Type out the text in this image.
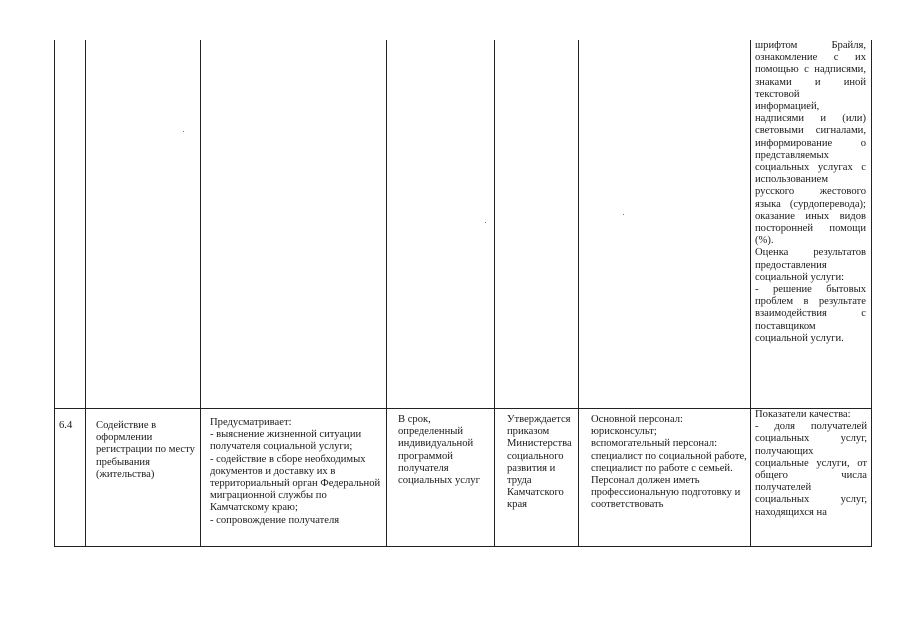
шрифтом Брайля, ознакомление с их помощью с надписями, знаками и иной текстовой информацией, надписями и (или) световыми сигналами, информирование о представляемых социальных услугах с использованием русского жестового языка (сурдоперевода); оказание иных видов посторонней помощи (%).
Оценка результатов предоставления социальной услуги:
- решение бытовых проблем в результате взаимодействия с поставщиком социальной услуги.
6.4	Содействие в оформлении регистрации по месту пребывания (жительства)
Предусматривает:
- выяснение жизненной ситуации получателя социальной услуги;
- содействие в сборе необходимых документов и доставку их в территориальный орган Федеральной миграционной службы по Камчатскому краю;
- сопровождение получателя
В срок, определенный индивидуальной программой получателя социальных услуг
Утверждается приказом Министерства социального развития и труда Камчатского края
Основной персонал: юрисконсульт;
вспомогательный персонал: специалист по социальной работе, специалист по работе с семьей.
Персонал должен иметь профессиональную подготовку и соответствовать
Показатели качества:
- доля получателей социальных услуг, получающих социальные услуги, от общего числа получателей социальных услуг, находящихся на
